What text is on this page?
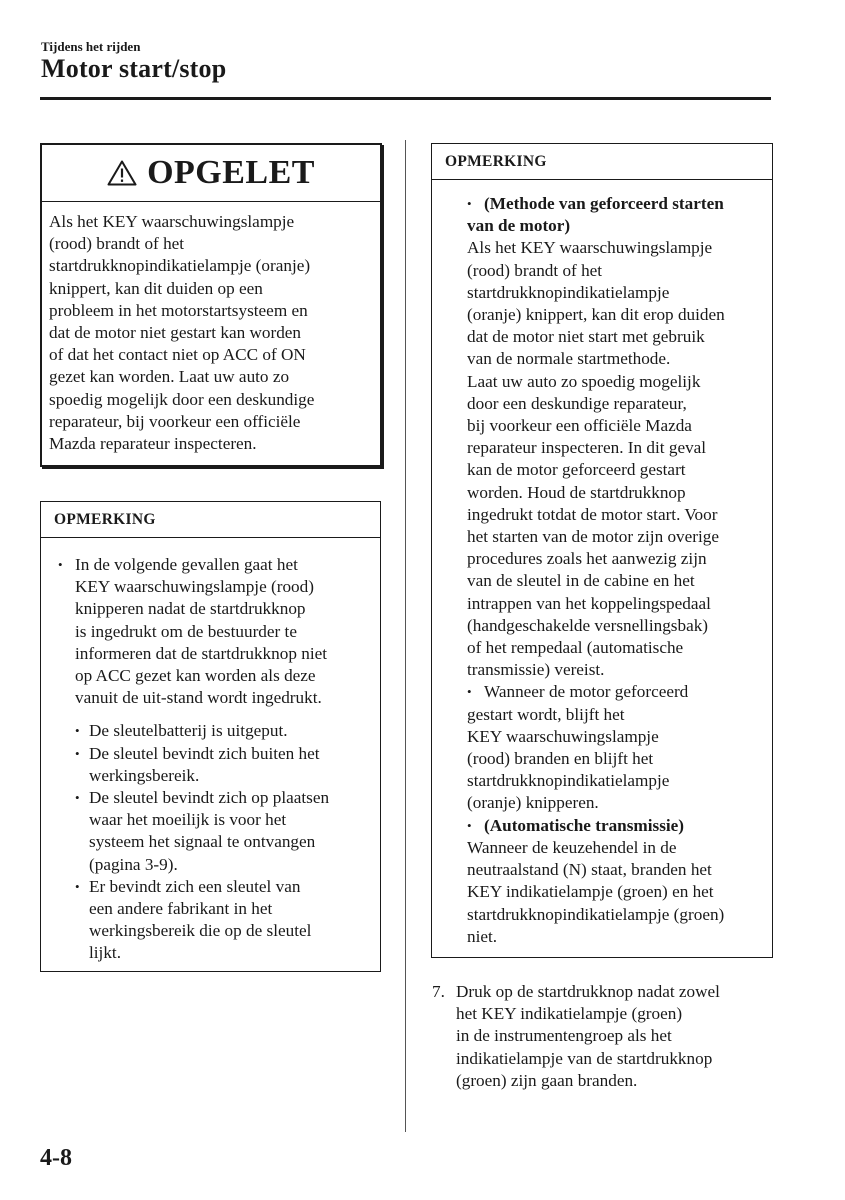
Tijdens het rijden
Motor start/stop
OPGELET
Als het KEY waarschuwingslampje
(rood) brandt of het
startdrukknopindikatielampje (oranje)
knippert, kan dit duiden op een
probleem in het motorstartsysteem en
dat de motor niet gestart kan worden
of dat het contact niet op ACC of ON
gezet kan worden. Laat uw auto zo
spoedig mogelijk door een deskundige
reparateur, bij voorkeur een officiële
Mazda reparateur inspecteren.
OPMERKING
• In de volgende gevallen gaat het
KEY waarschuwingslampje (rood)
knipperen nadat de startdrukknop
is ingedrukt om de bestuurder te
informeren dat de startdrukknop niet
op ACC gezet kan worden als deze
vanuit de uit-stand wordt ingedrukt.
• De sleutelbatterij is uitgeput.
• De sleutel bevindt zich buiten het
werkingsbereik.
• De sleutel bevindt zich op plaatsen
waar het moeilijk is voor het
systeem het signaal te ontvangen
(pagina 3-9).
• Er bevindt zich een sleutel van
een andere fabrikant in het
werkingsbereik die op de sleutel
lijkt.
OPMERKING
• (Methode van geforceerd starten
van de motor)
Als het KEY waarschuwingslampje
(rood) brandt of het
startdrukknopindikatielampje
(oranje) knippert, kan dit erop duiden
dat de motor niet start met gebruik
van de normale startmethode.
Laat uw auto zo spoedig mogelijk
door een deskundige reparateur,
bij voorkeur een officiële Mazda
reparateur inspecteren. In dit geval
kan de motor geforceerd gestart
worden. Houd de startdrukknop
ingedrukt totdat de motor start. Voor
het starten van de motor zijn overige
procedures zoals het aanwezig zijn
van de sleutel in de cabine en het
intrappen van het koppelingspedaal
(handgeschakelde versnellingsbak)
of het rempedaal (automatische
transmissie) vereist.
• Wanneer de motor geforceerd
gestart wordt, blijft het
KEY waarschuwingslampje
(rood) branden en blijft het
startdrukknopindikatielampje
(oranje) knipperen.
• (Automatische transmissie)
Wanneer de keuzehendel in de
neutraalstand (N) staat, branden het
KEY indikatielampje (groen) en het
startdrukknopindikatielampje (groen)
niet.
7. Druk op de startdrukknop nadat zowel
het KEY indikatielampje (groen)
in de instrumentengroep als het
indikatielampje van de startdrukknop
(groen) zijn gaan branden.
4-8
